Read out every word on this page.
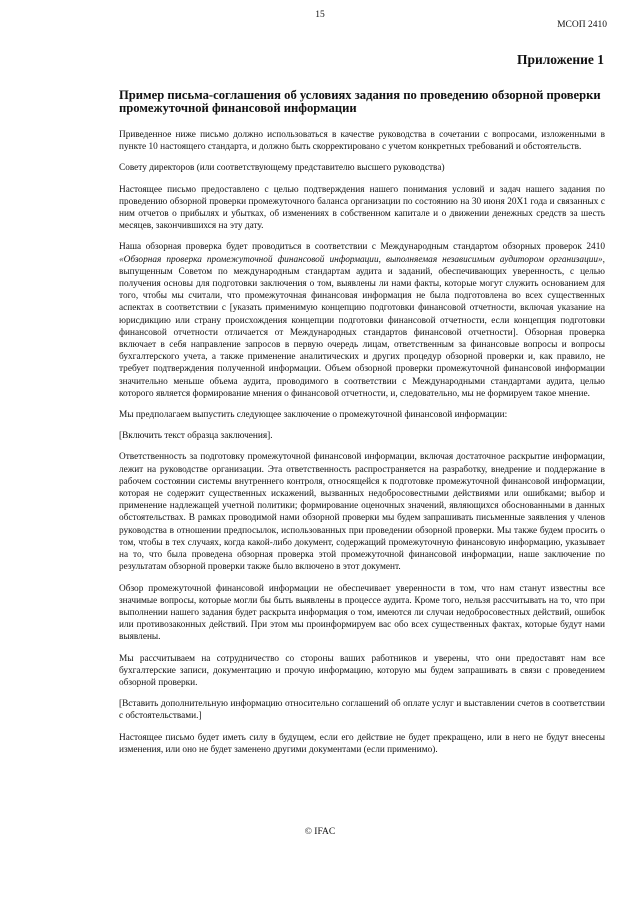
15
МСОП 2410
Приложение 1
Пример письма-соглашения об условиях задания по проведению обзорной проверки промежуточной финансовой информации

Приведенное ниже письмо должно использоваться в качестве руководства в сочетании с вопросами, изложенными в пункте 10 настоящего стандарта, и должно быть скорректировано с учетом конкретных требований и обстоятельств.

Совету директоров (или соответствующему представителю высшего руководства)

Настоящее письмо предоставлено с целью подтверждения нашего понимания условий и задач нашего задания по проведению обзорной проверки промежуточного баланса организации по состоянию на 30 июня 20X1 года и связанных с ним отчетов о прибылях и убытках, об изменениях в собственном капитале и о движении денежных средств за шесть месяцев, закончившихся на эту дату.

Наша обзорная проверка будет проводиться в соответствии с Международным стандартом обзорных проверок 2410 «Обзорная проверка промежуточной финансовой информации, выполняемая независимым аудитором организации», выпущенным Советом по международным стандартам аудита и заданий, обеспечивающих уверенность, с целью получения основы для подготовки заключения о том, выявлены ли нами факты, которые могут служить основанием для того, чтобы мы считали, что промежуточная финансовая информация не была подготовлена во всех существенных аспектах в соответствии с [указать применимую концепцию подготовки финансовой отчетности, включая указание на юрисдикцию или страну происхождения концепции подготовки финансовой отчетности, если концепция подготовки финансовой отчетности отличается от Международных стандартов финансовой отчетности]. Обзорная проверка включает в себя направление запросов в первую очередь лицам, ответственным за финансовые вопросы и вопросы бухгалтерского учета, а также применение аналитических и других процедур обзорной проверки и, как правило, не требует подтверждения полученной информации. Объем обзорной проверки промежуточной финансовой информации значительно меньше объема аудита, проводимого в соответствии с Международными стандартами аудита, целью которого является формирование мнения о финансовой отчетности, и, следовательно, мы не формируем такое мнение.

Мы предполагаем выпустить следующее заключение о промежуточной финансовой информации:

[Включить текст образца заключения].

Ответственность за подготовку промежуточной финансовой информации, включая достаточное раскрытие информации, лежит на руководстве организации. Эта ответственность распространяется на разработку, внедрение и поддержание в рабочем состоянии системы внутреннего контроля, относящейся к подготовке промежуточной финансовой информации, которая не содержит существенных искажений, вызванных недобросовестными действиями или ошибками; выбор и применение надлежащей учетной политики; формирование оценочных значений, являющихся обоснованными в данных обстоятельствах. В рамках проводимой нами обзорной проверки мы будем запрашивать письменные заявления у членов руководства в отношении предпосылок, использованных при проведении обзорной проверки. Мы также будем просить о том, чтобы в тех случаях, когда какой-либо документ, содержащий промежуточную финансовую информацию, указывает на то, что была проведена обзорная проверка этой промежуточной финансовой информации, наше заключение по результатам обзорной проверки также было включено в этот документ.

Обзор промежуточной финансовой информации не обеспечивает уверенности в том, что нам станут известны все значимые вопросы, которые могли бы быть выявлены в процессе аудита. Кроме того, нельзя рассчитывать на то, что при выполнении нашего задания будет раскрыта информация о том, имеются ли случаи недобросовестных действий, ошибок или противозаконных действий. При этом мы проинформируем вас обо всех существенных фактах, которые будут нами выявлены.

Мы рассчитываем на сотрудничество со стороны ваших работников и уверены, что они предоставят нам все бухгалтерские записи, документацию и прочую информацию, которую мы будем запрашивать в связи с проведением обзорной проверки.

[Вставить дополнительную информацию относительно соглашений об оплате услуг и выставлении счетов в соответствии с обстоятельствами.]

Настоящее письмо будет иметь силу в будущем, если его действие не будет прекращено, или в него не будут внесены изменения, или оно не будет заменено другими документами (если применимо).

© IFAC
